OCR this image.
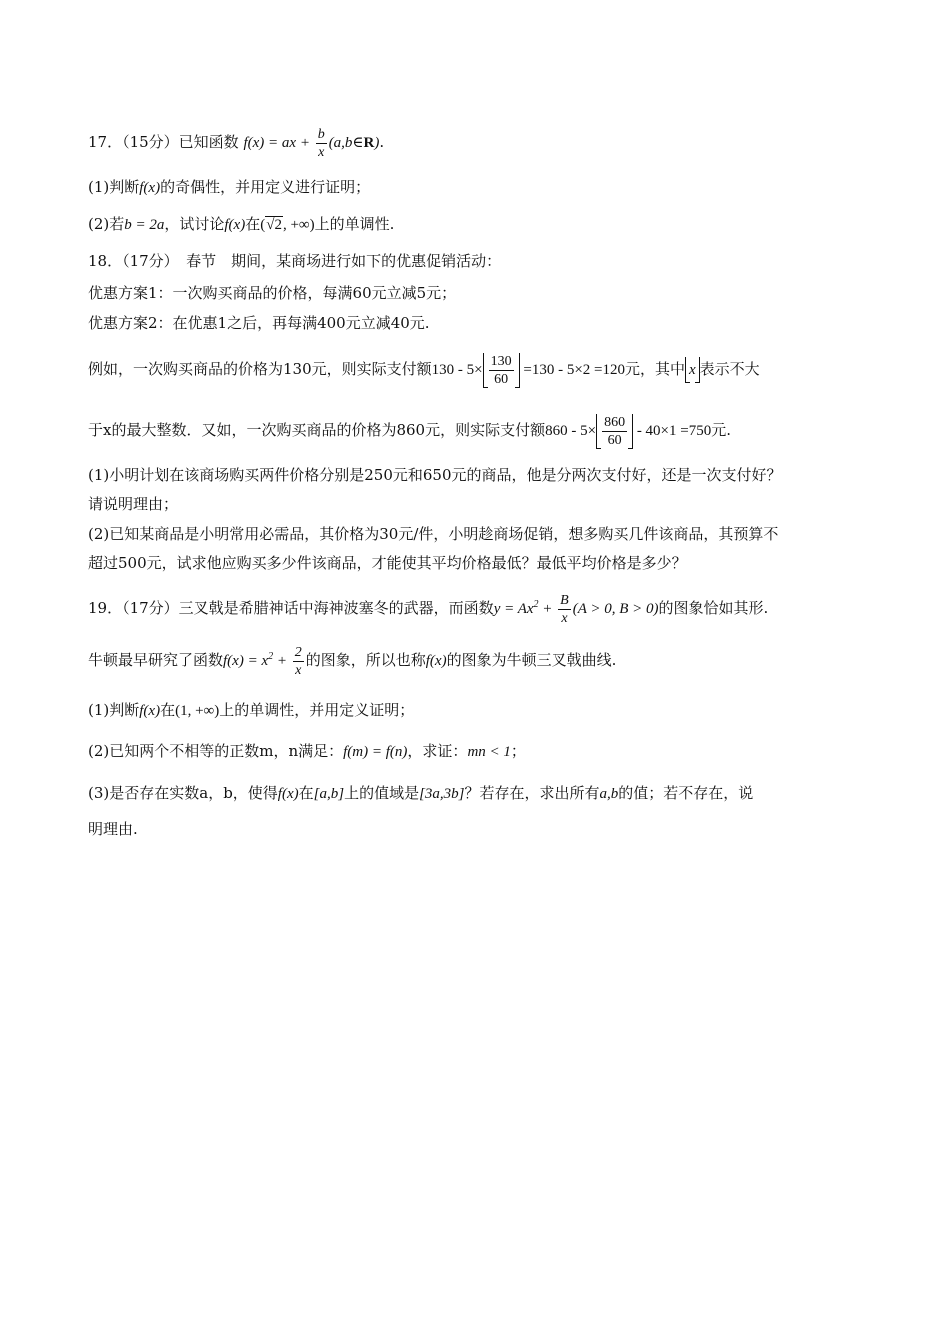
17．（15分）已知函数 f(x) = ax + $\frac{b}{x}$ (a,b∈R).
(1)判断f(x)的奇偶性，并用定义进行证明；
(2)若b = 2a，试讨论f(x)在(√2, +∞)上的单调性.
18．（17分）　春节　期间，某商场进行如下的优惠促销活动：
优惠方案1：一次购买商品的价格，每满60元立减5元；
优惠方案2：在优惠1之后，再每满400元立减40元.
例如，一次购买商品的价格为130元，则实际支付额$130 - 5\times \frac{130}{60} =130 - 5\times 2 =120$元，其中 x 表示不大
于x的最大整数．又如，一次购买商品的价格为860元，则实际支付额$860 - 5\times \frac{860}{60} - 40\times 1 =750$元.
(1)小明计划在该商场购买两件价格分别是250元和650元的商品，他是分两次支付好，还是一次支付好？
请说明理由；
(2)已知某商品是小明常用必需品，其价格为30元/件，小明趁商场促销，想多购买几件该商品，其预算不
超过500元，试求他应购买多少件该商品，才能使其平均价格最低？最低平均价格是多少？
19．（17分）三叉戟是希腊神话中海神波塞冬的武器，而函数$y = Ax^2 + \frac{B}{x} (A > 0$, B > 0)的图象恰如其形.
牛顿最早研究了函数$f(x) = x^2 + \frac{2}{x}$ 的图象，所以也称f(x)的图象为牛顿三叉戟曲线.
(1)判断f(x)在(1, +∞)上的单调性，并用定义证明；
(2)已知两个不相等的正数m，n满足：f(m) = f(n)，求证：mn < 1；
(3)是否存在实数a，b，使得f(x)在[a,b]上的值域是[3a,3b]？若存在，求出所有a,b的值；若不存在，说
明理由.
